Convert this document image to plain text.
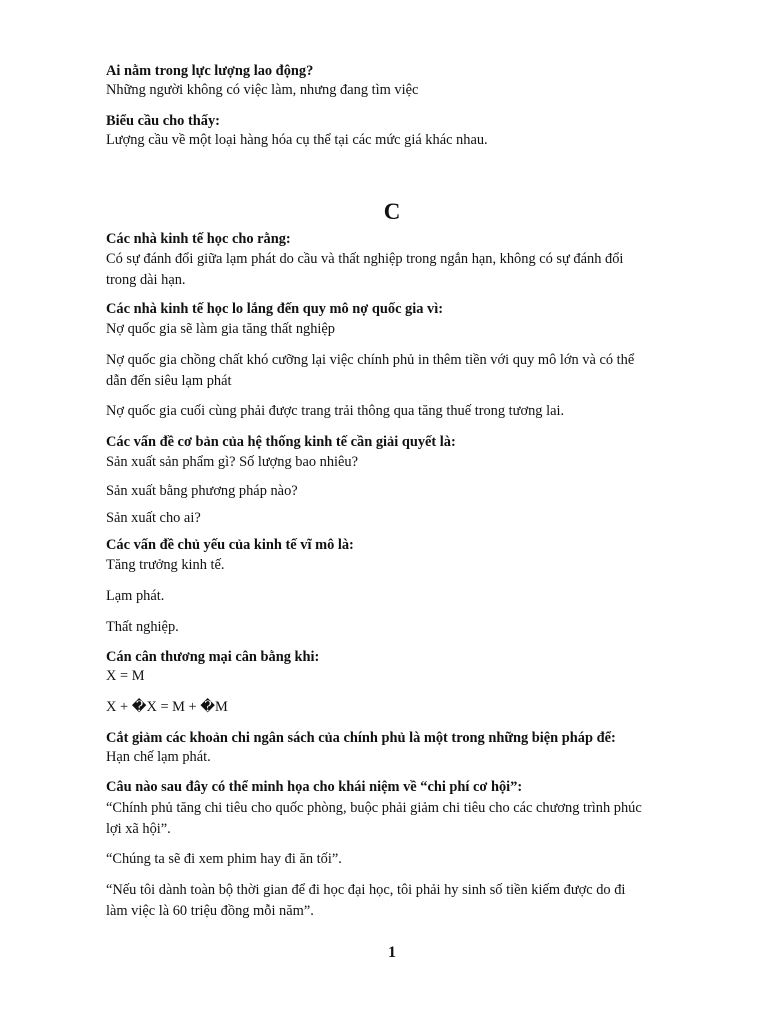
Ai nằm trong lực lượng lao động?
Những người không có việc làm, nhưng đang tìm việc
Biểu cầu cho thấy:
Lượng cầu về một loại hàng hóa cụ thể tại các mức giá khác nhau.
C
Các nhà kinh tế học cho rằng:
Có sự đánh đổi giữa lạm phát do cầu và thất nghiệp trong ngắn hạn, không có sự đánh đổi
trong dài hạn.
Các nhà kinh tế học lo lắng đến quy mô nợ quốc gia vì:
Nợ quốc gia sẽ làm gia tăng thất nghiệp
Nợ quốc gia chồng chất khó cưỡng lại việc chính phủ in thêm tiền với quy mô lớn và có thể
dẫn đến siêu lạm phát
Nợ quốc gia cuối cùng phải được trang trải thông qua tăng thuế trong tương lai.
Các vấn đề cơ bản của hệ thống kinh tế cần giải quyết là:
Sản xuất sản phẩm gì? Số lượng bao nhiêu?
Sản xuất bằng phương pháp nào?
Sản xuất cho ai?
Các vấn đề chủ yếu của kinh tế vĩ mô là:
Tăng trưởng kinh tế.
Lạm phát.
Thất nghiệp.
Cán cân thương mại cân bằng khi:
X = M
X + �X = M + �M
Cắt giảm các khoản chi ngân sách của chính phủ là một trong những biện pháp để:
Hạn chế lạm phát.
Câu nào sau đây có thể minh họa cho khái niệm về “chi phí cơ hội”:
“Chính phủ tăng chi tiêu cho quốc phòng, buộc phải giảm chi tiêu cho các chương trình phúc
lợi xã hội”.
“Chúng ta sẽ đi xem phim hay đi ăn tối”.
“Nếu tôi dành toàn bộ thời gian để đi học đại học, tôi phải hy sinh số tiền kiếm được do đi
làm việc là 60 triệu đồng mỗi năm”.
1
